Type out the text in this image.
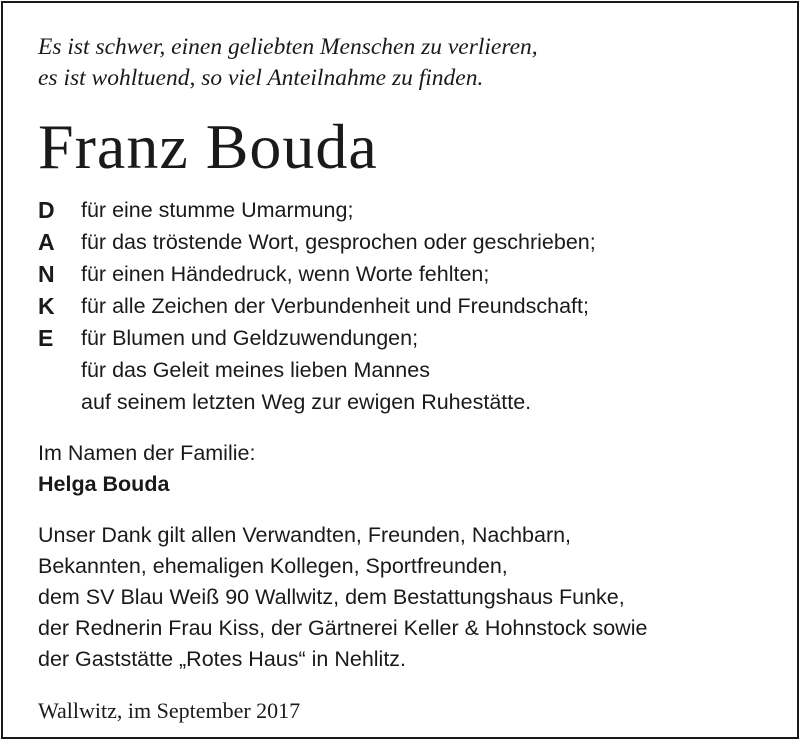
Es ist schwer, einen geliebten Menschen zu verlieren,

es ist wohltuend, so viel Anteilnahme zu finden.

Franz Bouda
D	für eine stumme Umarmung;
A	für das tröstende Wort, gesprochen oder geschrieben;
N	für einen Händedruck, wenn Worte fehlten;
K	für alle Zeichen der Verbundenheit und Freundschaft;
E	für Blumen und Geldzuwendungen;
für das Geleit meines lieben Mannes
auf seinem letzten Weg zur ewigen Ruhestätte.

Im Namen der Familie:

Helga Bouda

Unser Dank gilt allen Verwandten, Freunden, Nachbarn,

Bekannten, ehemaligen Kollegen, Sportfreunden,

dem SV Blau Weiß 90 Wallwitz, dem Bestattungshaus Funke,

der Rednerin Frau Kiss, der Gärtnerei Keller & Hohnstock sowie

der Gaststätte „Rotes Haus“ in Nehlitz.

Wallwitz, im September 2017
